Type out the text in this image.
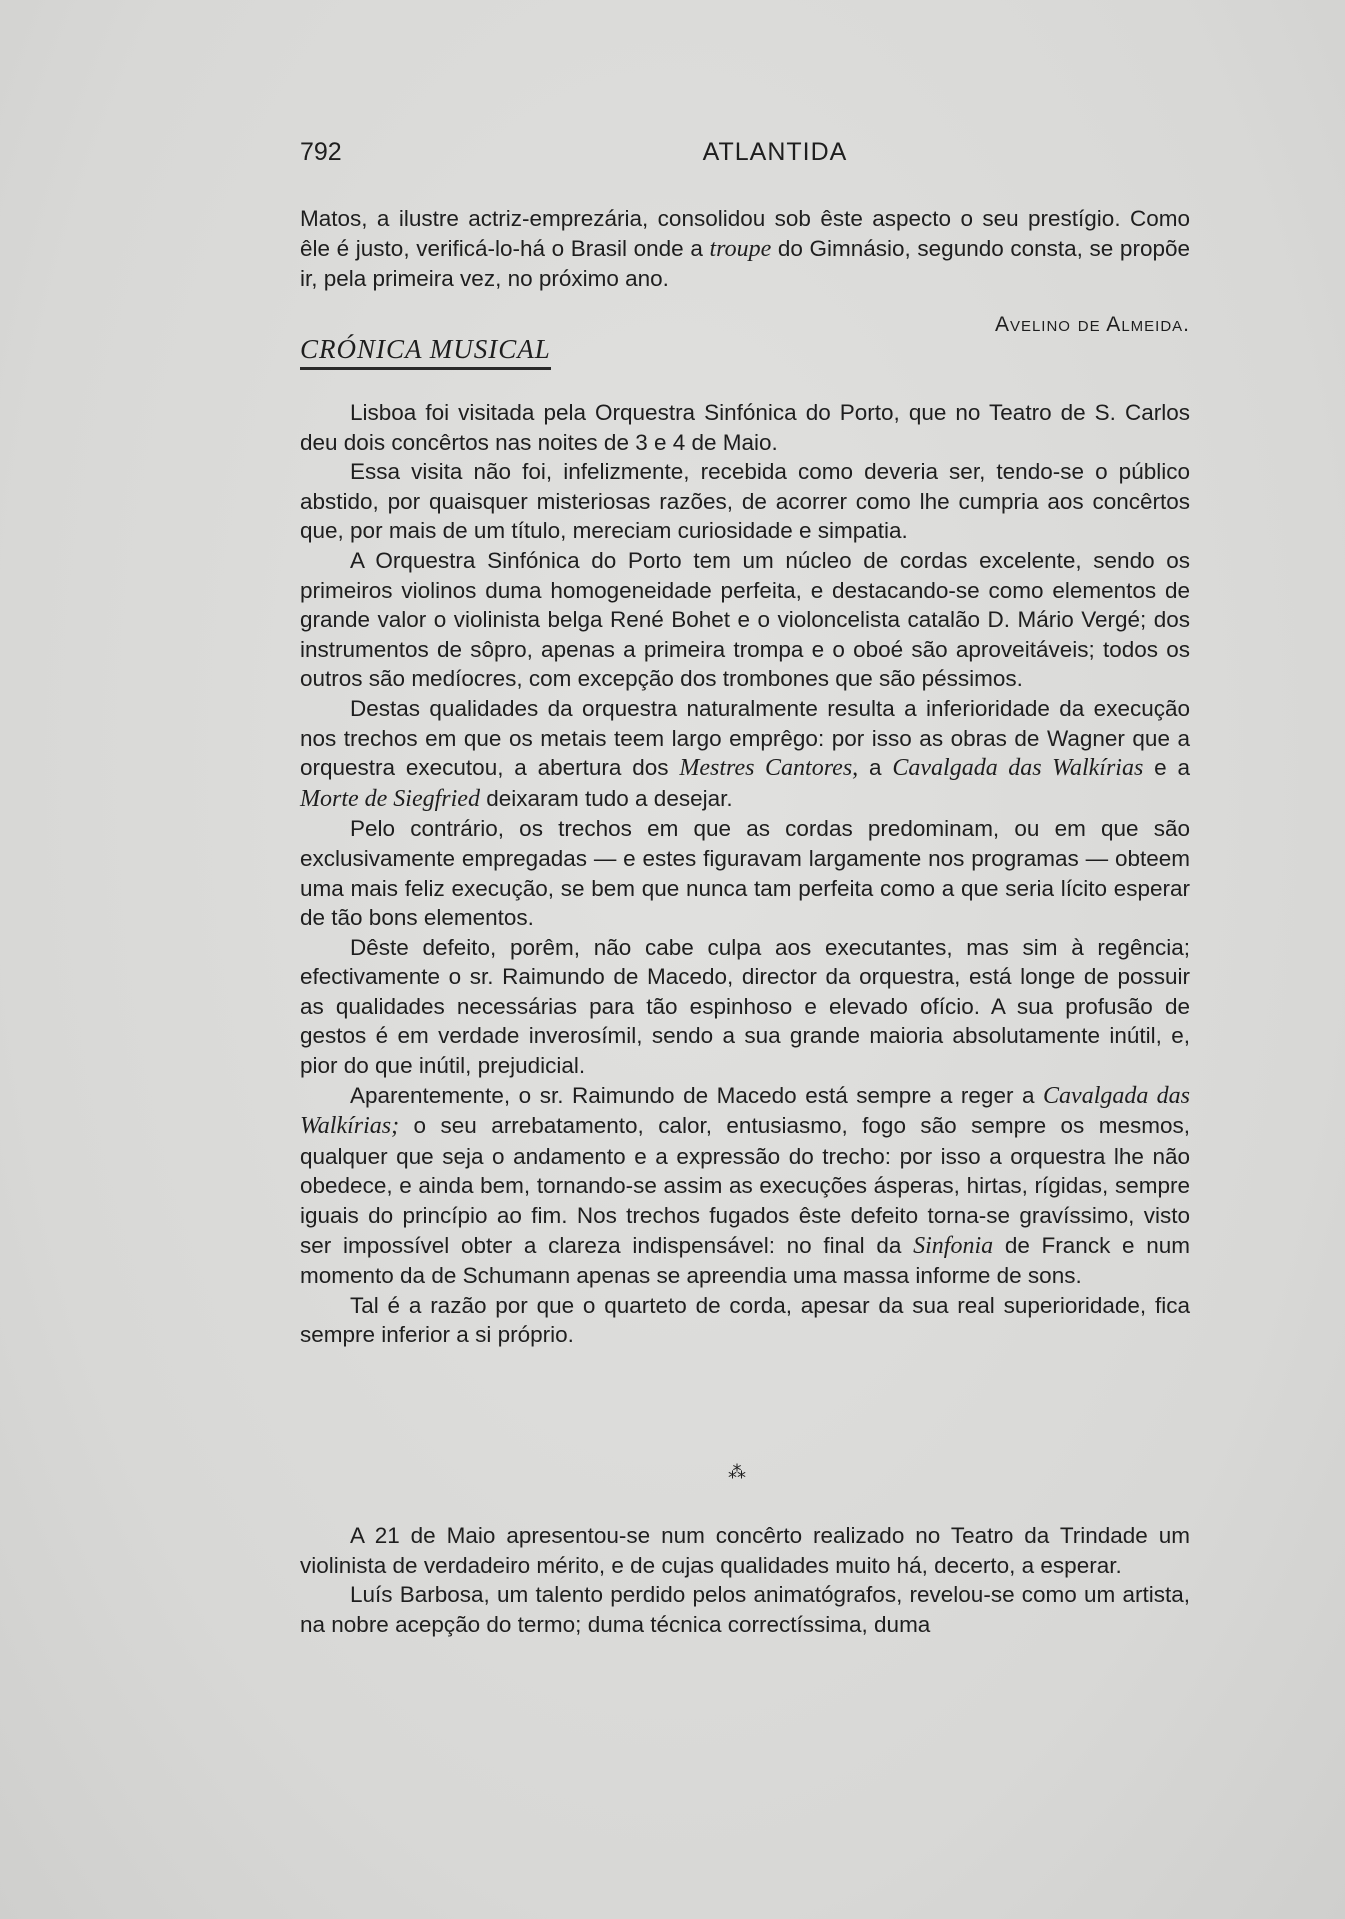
792	ATLANTIDA

Matos, a ilustre actriz-emprezária, consolidou sob êste aspecto o seu prestígio. Como êle é justo, verificá-lo-há o Brasil onde a troupe do Gimnásio, segundo consta, se propõe ir, pela primeira vez, no próximo ano.

Avelino de Almeida.
CRÓNICA MUSICAL

Lisboa foi visitada pela Orquestra Sinfónica do Porto, que no Teatro de S. Carlos deu dois concêrtos nas noites de 3 e 4 de Maio.

Essa visita não foi, infelizmente, recebida como deveria ser, tendo-se o público abstido, por quaisquer misteriosas razões, de acorrer como lhe cumpria aos concêrtos que, por mais de um título, mereciam curiosidade e simpatia.

A Orquestra Sinfónica do Porto tem um núcleo de cordas excelente, sendo os primeiros violinos duma homogeneidade perfeita, e destacando-se como elementos de grande valor o violinista belga René Bohet e o violoncelista catalão D. Mário Vergé; dos instrumentos de sôpro, apenas a primeira trompa e o oboé são aproveitáveis; todos os outros são medíocres, com excepção dos trombones que são péssimos.

Destas qualidades da orquestra naturalmente resulta a inferioridade da execução nos trechos em que os metais teem largo emprêgo: por isso as obras de Wagner que a orquestra executou, a abertura dos Mestres Cantores, a Cavalgada das Walkírias e a Morte de Siegfried deixaram tudo a desejar.

Pelo contrário, os trechos em que as cordas predominam, ou em que são exclusivamente empregadas — e estes figuravam largamente nos programas — obteem uma mais feliz execução, se bem que nunca tam perfeita como a que seria lícito esperar de tão bons elementos.

Dêste defeito, porêm, não cabe culpa aos executantes, mas sim à regência; efectivamente o sr. Raimundo de Macedo, director da orquestra, está longe de possuir as qualidades necessárias para tão espinhoso e elevado ofício. A sua profusão de gestos é em verdade inverosímil, sendo a sua grande maioria absolutamente inútil, e, pior do que inútil, prejudicial.

Aparentemente, o sr. Raimundo de Macedo está sempre a reger a Cavalgada das Walkírias; o seu arrebatamento, calor, entusiasmo, fogo são sempre os mesmos, qualquer que seja o andamento e a expressão do trecho: por isso a orquestra lhe não obedece, e ainda bem, tornando-se assim as execuções ásperas, hirtas, rígidas, sempre iguais do princípio ao fim. Nos trechos fugados êste defeito torna-se gravíssimo, visto ser impossível obter a clareza indispensável: no final da Sinfonia de Franck e num momento da de Schumann apenas se apreendia uma massa informe de sons.

Tal é a razão por que o quarteto de corda, apesar da sua real superioridade, fica sempre inferior a si próprio.

⁂

A 21 de Maio apresentou-se num concêrto realizado no Teatro da Trindade um violinista de verdadeiro mérito, e de cujas qualidades muito há, decerto, a esperar.

Luís Barbosa, um talento perdido pelos animatógrafos, revelou-se como um artista, na nobre acepção do termo; duma técnica correctíssima, duma
